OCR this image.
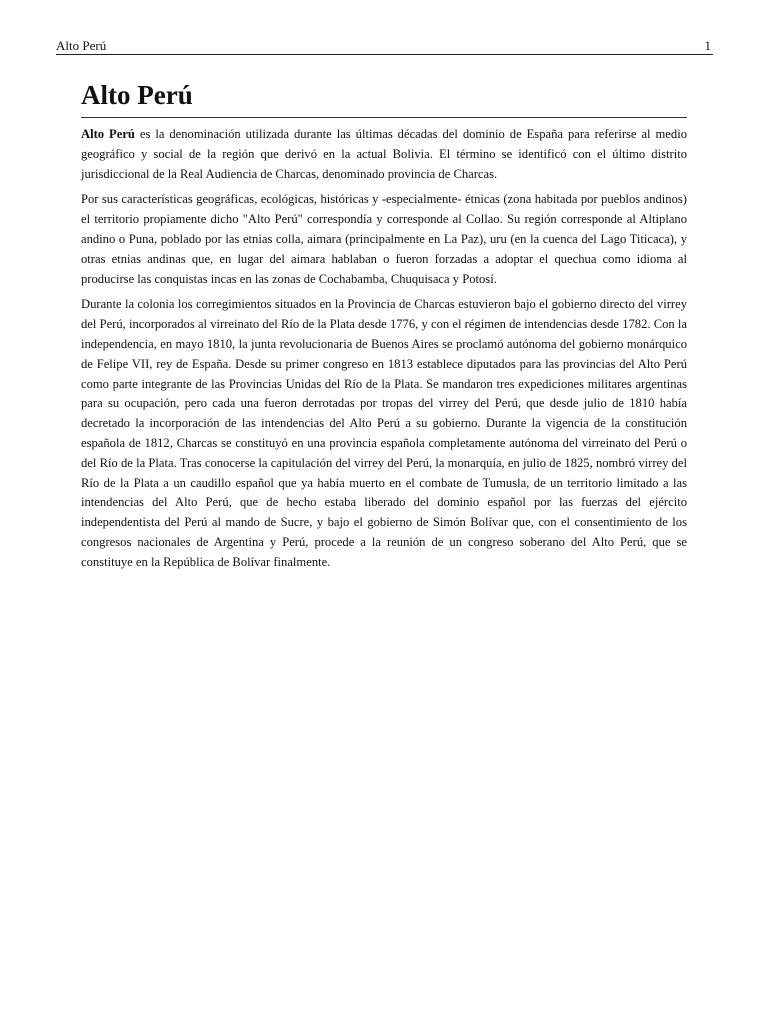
Alto Perú	1
Alto Perú

Alto Perú es la denominación utilizada durante las últimas décadas del dominio de España para referirse al medio geográfico y social de la región que derivó en la actual Bolivia. El término se identificó con el último distrito jurisdiccional de la Real Audiencia de Charcas, denominado provincia de Charcas.

Por sus características geográficas, ecológicas, históricas y -especialmente- étnicas (zona habitada por pueblos andinos) el territorio propiamente dicho "Alto Perú" correspondía y corresponde al Collao. Su región corresponde al Altiplano andino o Puna, poblado por las etnias colla, aimara (principalmente en La Paz), uru (en la cuenca del Lago Titicaca), y otras etnias andinas que, en lugar del aimara hablaban o fueron forzadas a adoptar el quechua como idioma al producirse las conquistas incas en las zonas de Cochabamba, Chuquisaca y Potosí.

Durante la colonia los corregimientos situados en la Provincia de Charcas estuvieron bajo el gobierno directo del virrey del Perú, incorporados al virreinato del Río de la Plata desde 1776, y con el régimen de intendencias desde 1782. Con la independencia, en mayo 1810, la junta revolucionaria de Buenos Aires se proclamó autónoma del gobierno monárquico de Felipe VII, rey de España. Desde su primer congreso en 1813 establece diputados para las provincias del Alto Perú como parte integrante de las Provincias Unidas del Río de la Plata. Se mandaron tres expediciones militares argentinas para su ocupación, pero cada una fueron derrotadas por tropas del virrey del Perú, que desde julio de 1810 había decretado la incorporación de las intendencias del Alto Perú a su gobierno. Durante la vigencia de la constitución española de 1812, Charcas se constituyó en una provincia española completamente autónoma del virreinato del Perú o del Río de la Plata. Tras conocerse la capitulación del virrey del Perú, la monarquía, en julio de 1825, nombró virrey del Río de la Plata a un caudillo español que ya había muerto en el combate de Tumusla, de un territorio limitado a las intendencias del Alto Perú, que de hecho estaba liberado del dominio español por las fuerzas del ejército independentista del Perú al mando de Sucre, y bajo el gobierno de Simón Bolívar que, con el consentimiento de los congresos nacionales de Argentina y Perú, procede a la reunión de un congreso soberano del Alto Perú, que se constituye en la República de Bolívar finalmente.
